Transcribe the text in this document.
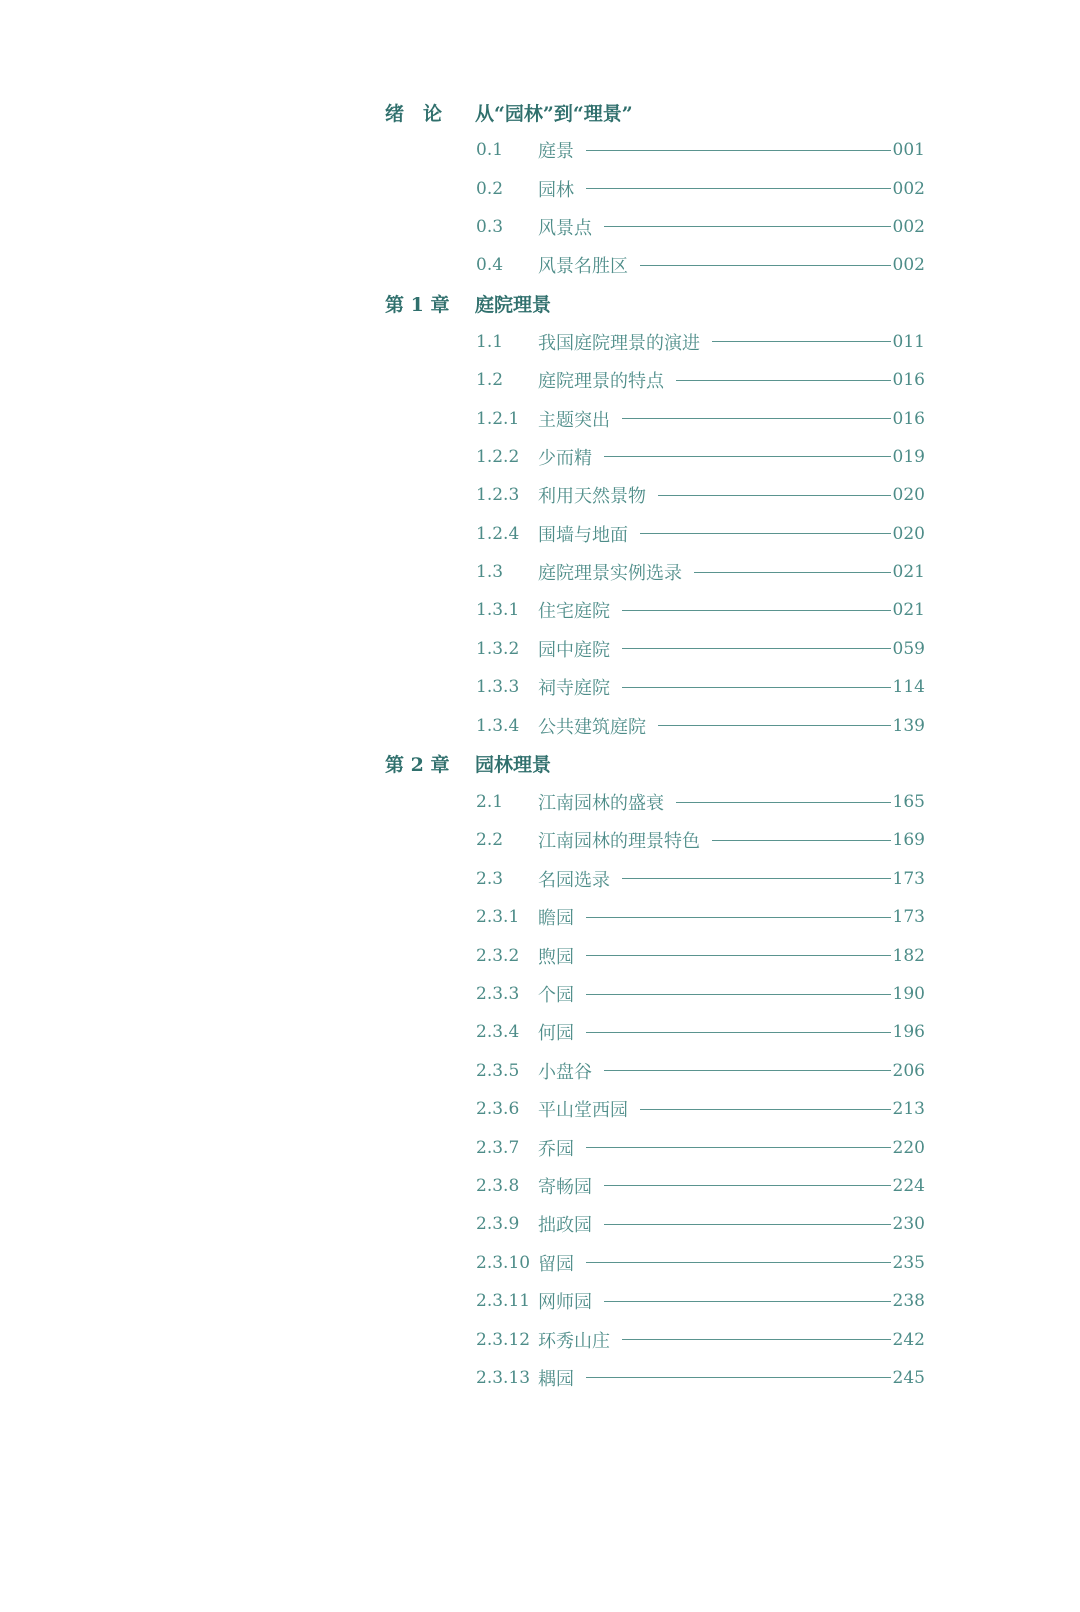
绪　论	从“园林”到“理景”
0.1	庭景	001
0.2	园林	002
0.3	风景点	002
0.4	风景名胜区	002
第 1 章	庭院理景
1.1	我国庭院理景的演进	011
1.2	庭院理景的特点	016
1.2.1	主题突出	016
1.2.2	少而精	019
1.2.3	利用天然景物	020
1.2.4	围墙与地面	020
1.3	庭院理景实例选录	021
1.3.1	住宅庭院	021
1.3.2	园中庭院	059
1.3.3	祠寺庭院	114
1.3.4	公共建筑庭院	139
第 2 章	园林理景
2.1	江南园林的盛衰	165
2.2	江南园林的理景特色	169
2.3	名园选录	173
2.3.1	瞻园	173
2.3.2	煦园	182
2.3.3	个园	190
2.3.4	何园	196
2.3.5	小盘谷	206
2.3.6	平山堂西园	213
2.3.7	乔园	220
2.3.8	寄畅园	224
2.3.9	拙政园	230
2.3.10 留园	235
2.3.11 网师园	238
2.3.12 环秀山庄	242
2.3.13 耦园	245
